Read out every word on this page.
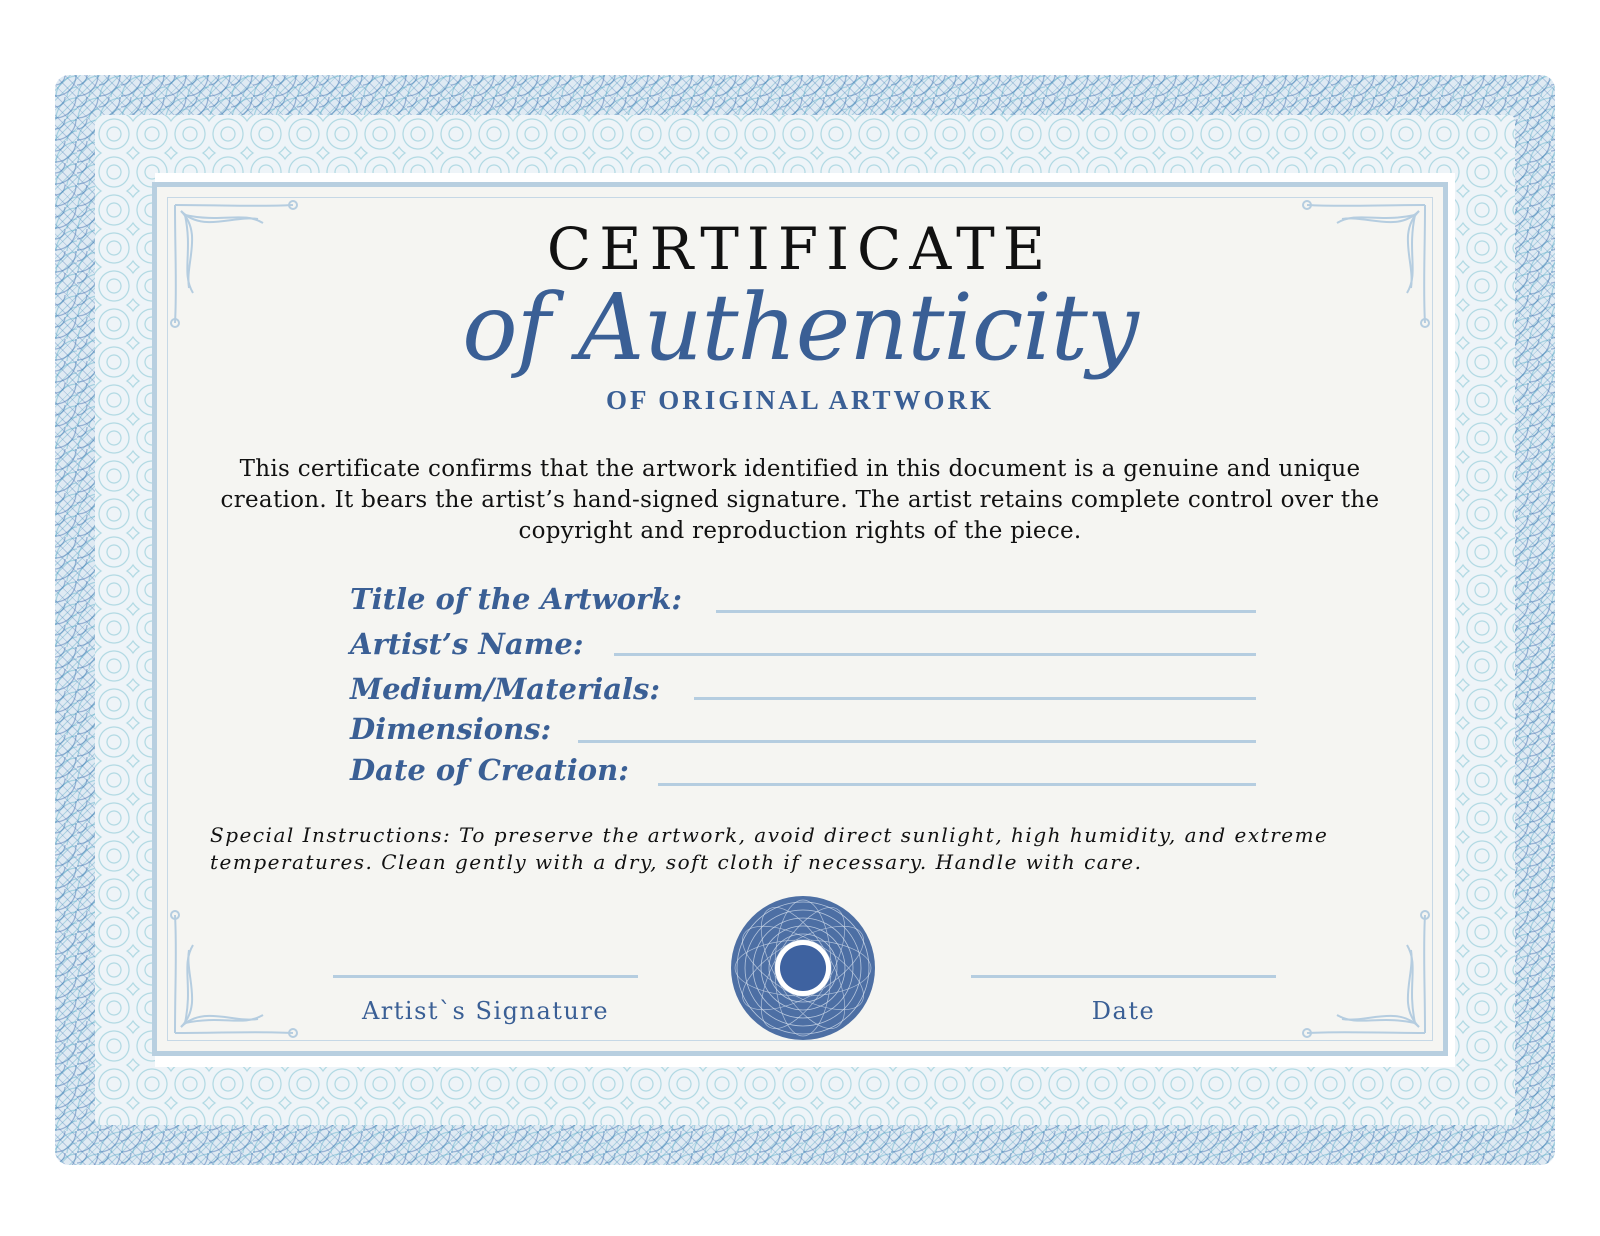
CERTIFICATE
of Authenticity
OF ORIGINAL ARTWORK
This certificate confirms that the artwork identified in this document is a genuine and unique creation. It bears the artist’s hand-signed signature. The artist retains complete control over the copyright and reproduction rights of the piece.
Title of the Artwork:
Artist’s Name:
Medium/Materials:
Dimensions:
Date of Creation:
Special Instructions: To preserve the artwork, avoid direct sunlight, high humidity, and extreme temperatures. Clean gently with a dry, soft cloth if necessary. Handle with care.
Artist`s Signature	Date
